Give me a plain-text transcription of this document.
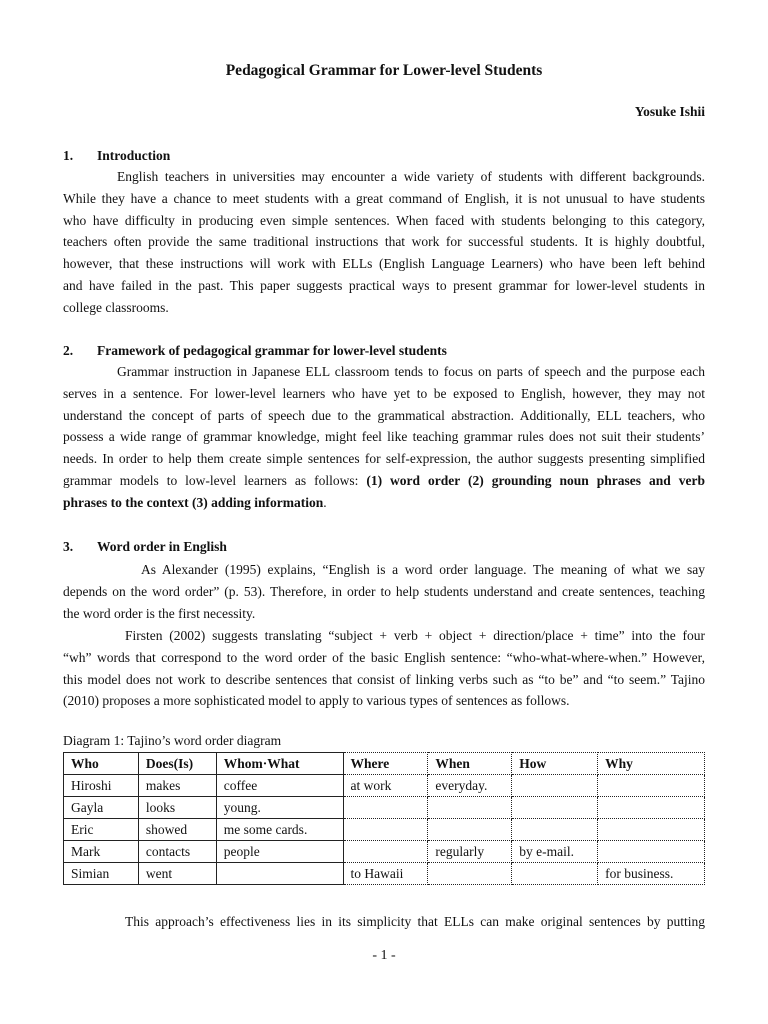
Pedagogical Grammar for Lower-level Students
Yosuke Ishii
1. Introduction
English teachers in universities may encounter a wide variety of students with different backgrounds.
While they have a chance to meet students with a great command of English, it is not unusual to have students
who have difficulty in producing even simple sentences. When faced with students belonging to this category,
teachers often provide the same traditional instructions that work for successful students. It is highly doubtful,
however, that these instructions will work with ELLs (English Language Learners) who have been left behind
and have failed in the past. This paper suggests practical ways to present grammar for lower-level students in
college classrooms.
2. Framework of pedagogical grammar for lower-level students
Grammar instruction in Japanese ELL classroom tends to focus on parts of speech and the purpose each
serves in a sentence. For lower-level learners who have yet to be exposed to English, however, they may not
understand the concept of parts of speech due to the grammatical abstraction. Additionally, ELL teachers, who
possess a wide range of grammar knowledge, might feel like teaching grammar rules does not suit their students’
needs. In order to help them create simple sentences for self-expression, the author suggests presenting simplified
grammar models to low-level learners as follows: (1) word order (2) grounding noun phrases and verb
phrases to the context (3) adding information.
3. Word order in English
As Alexander (1995) explains, “English is a word order language. The meaning of what we say
depends on the word order” (p. 53). Therefore, in order to help students understand and create sentences, teaching
the word order is the first necessity.
Firsten (2002) suggests translating “subject + verb + object + direction/place + time” into the four
“wh” words that correspond to the word order of the basic English sentence: “who-what-where-when.” However,
this model does not work to describe sentences that consist of linking verbs such as “to be” and “to seem.” Tajino
(2010) proposes a more sophisticated model to apply to various types of sentences as follows.
Diagram 1: Tajino’s word order diagram
Who	Does(Is)	Whom·What	Where	When	How	Why
Hiroshi	makes	coffee	at work	everyday.		
Gayla	looks	young.				
Eric	showed	me some cards.				
Mark	contacts	people		regularly	by e-mail.	
Simian	went		to Hawaii			for business.
This approach’s effectiveness lies in its simplicity that ELLs can make original sentences by putting
- 1 -
